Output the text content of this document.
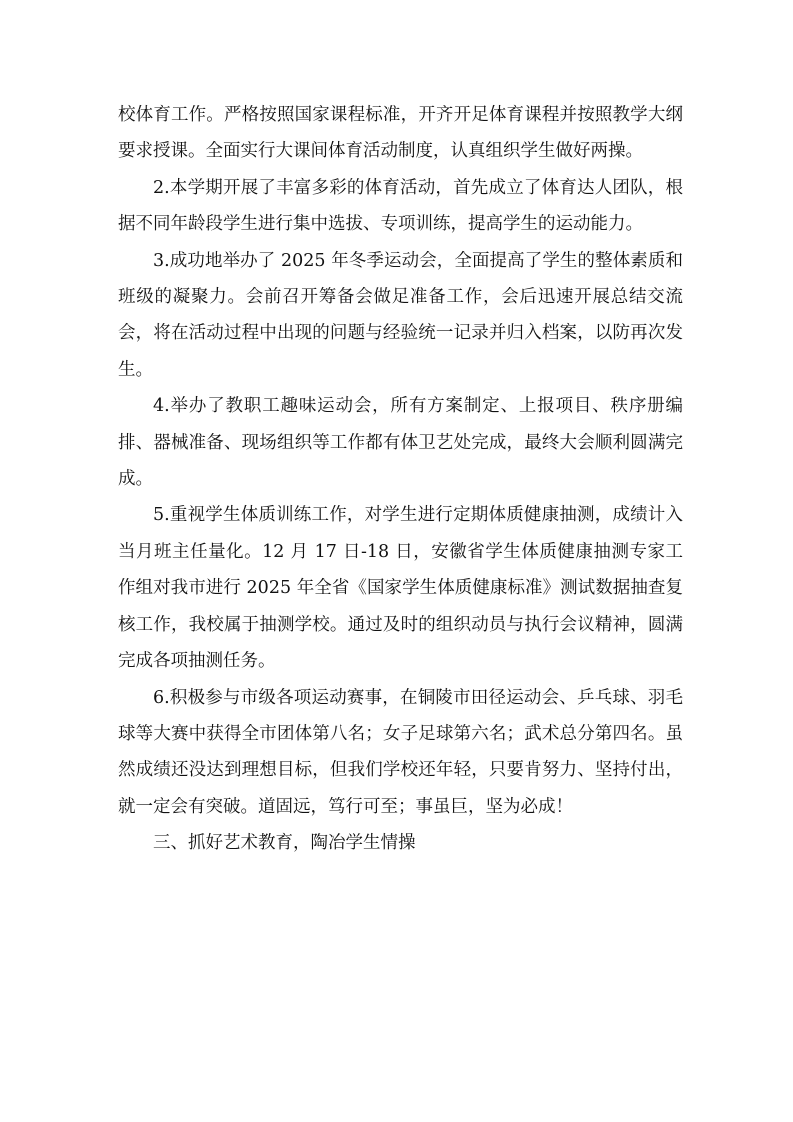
校体育工作。严格按照国家课程标准，开齐开足体育课程并按照教学大纲要求授课。全面实行大课间体育活动制度，认真组织学生做好两操。

2.本学期开展了丰富多彩的体育活动，首先成立了体育达人团队，根据不同年龄段学生进行集中选拔、专项训练，提高学生的运动能力。

3.成功地举办了 2025 年冬季运动会，全面提高了学生的整体素质和班级的凝聚力。会前召开筹备会做足准备工作，会后迅速开展总结交流会，将在活动过程中出现的问题与经验统一记录并归入档案，以防再次发生。

4.举办了教职工趣味运动会，所有方案制定、上报项目、秩序册编排、器械准备、现场组织等工作都有体卫艺处完成，最终大会顺利圆满完成。

5.重视学生体质训练工作，对学生进行定期体质健康抽测，成绩计入当月班主任量化。12 月 17 日-18 日，安徽省学生体质健康抽测专家工作组对我市进行 2025 年全省《国家学生体质健康标准》测试数据抽查复核工作，我校属于抽测学校。通过及时的组织动员与执行会议精神，圆满完成各项抽测任务。

6.积极参与市级各项运动赛事，在铜陵市田径运动会、乒乓球、羽毛球等大赛中获得全市团体第八名；女子足球第六名；武术总分第四名。虽然成绩还没达到理想目标，但我们学校还年轻，只要肯努力、坚持付出，就一定会有突破。道固远，笃行可至；事虽巨，坚为必成！

三、抓好艺术教育，陶冶学生情操
